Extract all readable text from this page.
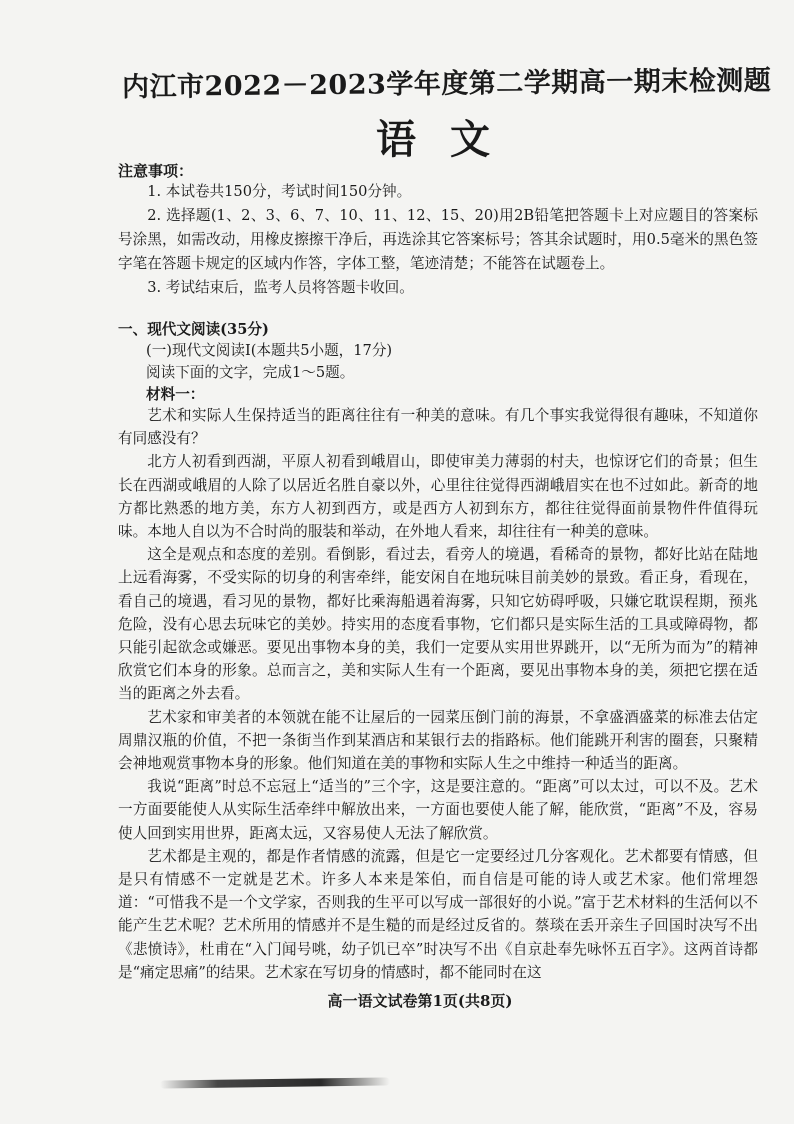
内江市2022－2023学年度第二学期高一期末检测题
语文
注意事项：
1. 本试卷共150分，考试时间150分钟。
2. 选择题(1、2、3、6、7、10、11、12、15、20)用2B铅笔把答题卡上对应题目的答案标号涂黑，如需改动，用橡皮擦擦干净后，再选涂其它答案标号；答其余试题时，用0.5毫米的黑色签字笔在答题卡规定的区域内作答，字体工整，笔迹清楚；不能答在试题卷上。
3. 考试结束后，监考人员将答题卡收回。
一、现代文阅读(35分)
(一)现代文阅读Ⅰ(本题共5小题，17分)
阅读下面的文字，完成1～5题。
材料一：

艺术和实际人生保持适当的距离往往有一种美的意味。有几个事实我觉得很有趣味，不知道你有同感没有？

北方人初看到西湖，平原人初看到峨眉山，即使审美力薄弱的村夫，也惊讶它们的奇景；但生长在西湖或峨眉的人除了以居近名胜自豪以外，心里往往觉得西湖峨眉实在也不过如此。新奇的地方都比熟悉的地方美，东方人初到西方，或是西方人初到东方，都往往觉得面前景物件件值得玩味。本地人自以为不合时尚的服装和举动，在外地人看来，却往往有一种美的意味。

这全是观点和态度的差别。看倒影，看过去，看旁人的境遇，看稀奇的景物，都好比站在陆地上远看海雾，不受实际的切身的利害牵绊，能安闲自在地玩味目前美妙的景致。看正身，看现在，看自己的境遇，看习见的景物，都好比乘海船遇着海雾，只知它妨碍呼吸，只嫌它耽误程期，预兆危险，没有心思去玩味它的美妙。持实用的态度看事物，它们都只是实际生活的工具或障碍物，都只能引起欲念或嫌恶。要见出事物本身的美，我们一定要从实用世界跳开，以“无所为而为”的精神欣赏它们本身的形象。总而言之，美和实际人生有一个距离，要见出事物本身的美，须把它摆在适当的距离之外去看。

艺术家和审美者的本领就在能不让屋后的一园菜压倒门前的海景，不拿盛酒盛菜的标准去估定周鼎汉瓶的价值，不把一条街当作到某酒店和某银行去的指路标。他们能跳开利害的圈套，只聚精会神地观赏事物本身的形象。他们知道在美的事物和实际人生之中维持一种适当的距离。

我说“距离”时总不忘冠上“适当的”三个字，这是要注意的。“距离”可以太过，可以不及。艺术一方面要能使人从实际生活牵绊中解放出来，一方面也要使人能了解，能欣赏，“距离”不及，容易使人回到实用世界，距离太远，又容易使人无法了解欣赏。

艺术都是主观的，都是作者情感的流露，但是它一定要经过几分客观化。艺术都要有情感，但是只有情感不一定就是艺术。许多人本来是笨伯，而自信是可能的诗人或艺术家。他们常埋怨道：“可惜我不是一个文学家，否则我的生平可以写成一部很好的小说。”富于艺术材料的生活何以不能产生艺术呢？艺术所用的情感并不是生糙的而是经过反省的。蔡琰在丢开亲生子回国时决写不出《悲愤诗》，杜甫在“入门闻号咷，幼子饥已卒”时决写不出《自京赴奉先咏怀五百字》。这两首诗都是“痛定思痛”的结果。艺术家在写切身的情感时，都不能同时在这

高一语文试卷第1页(共8页)
